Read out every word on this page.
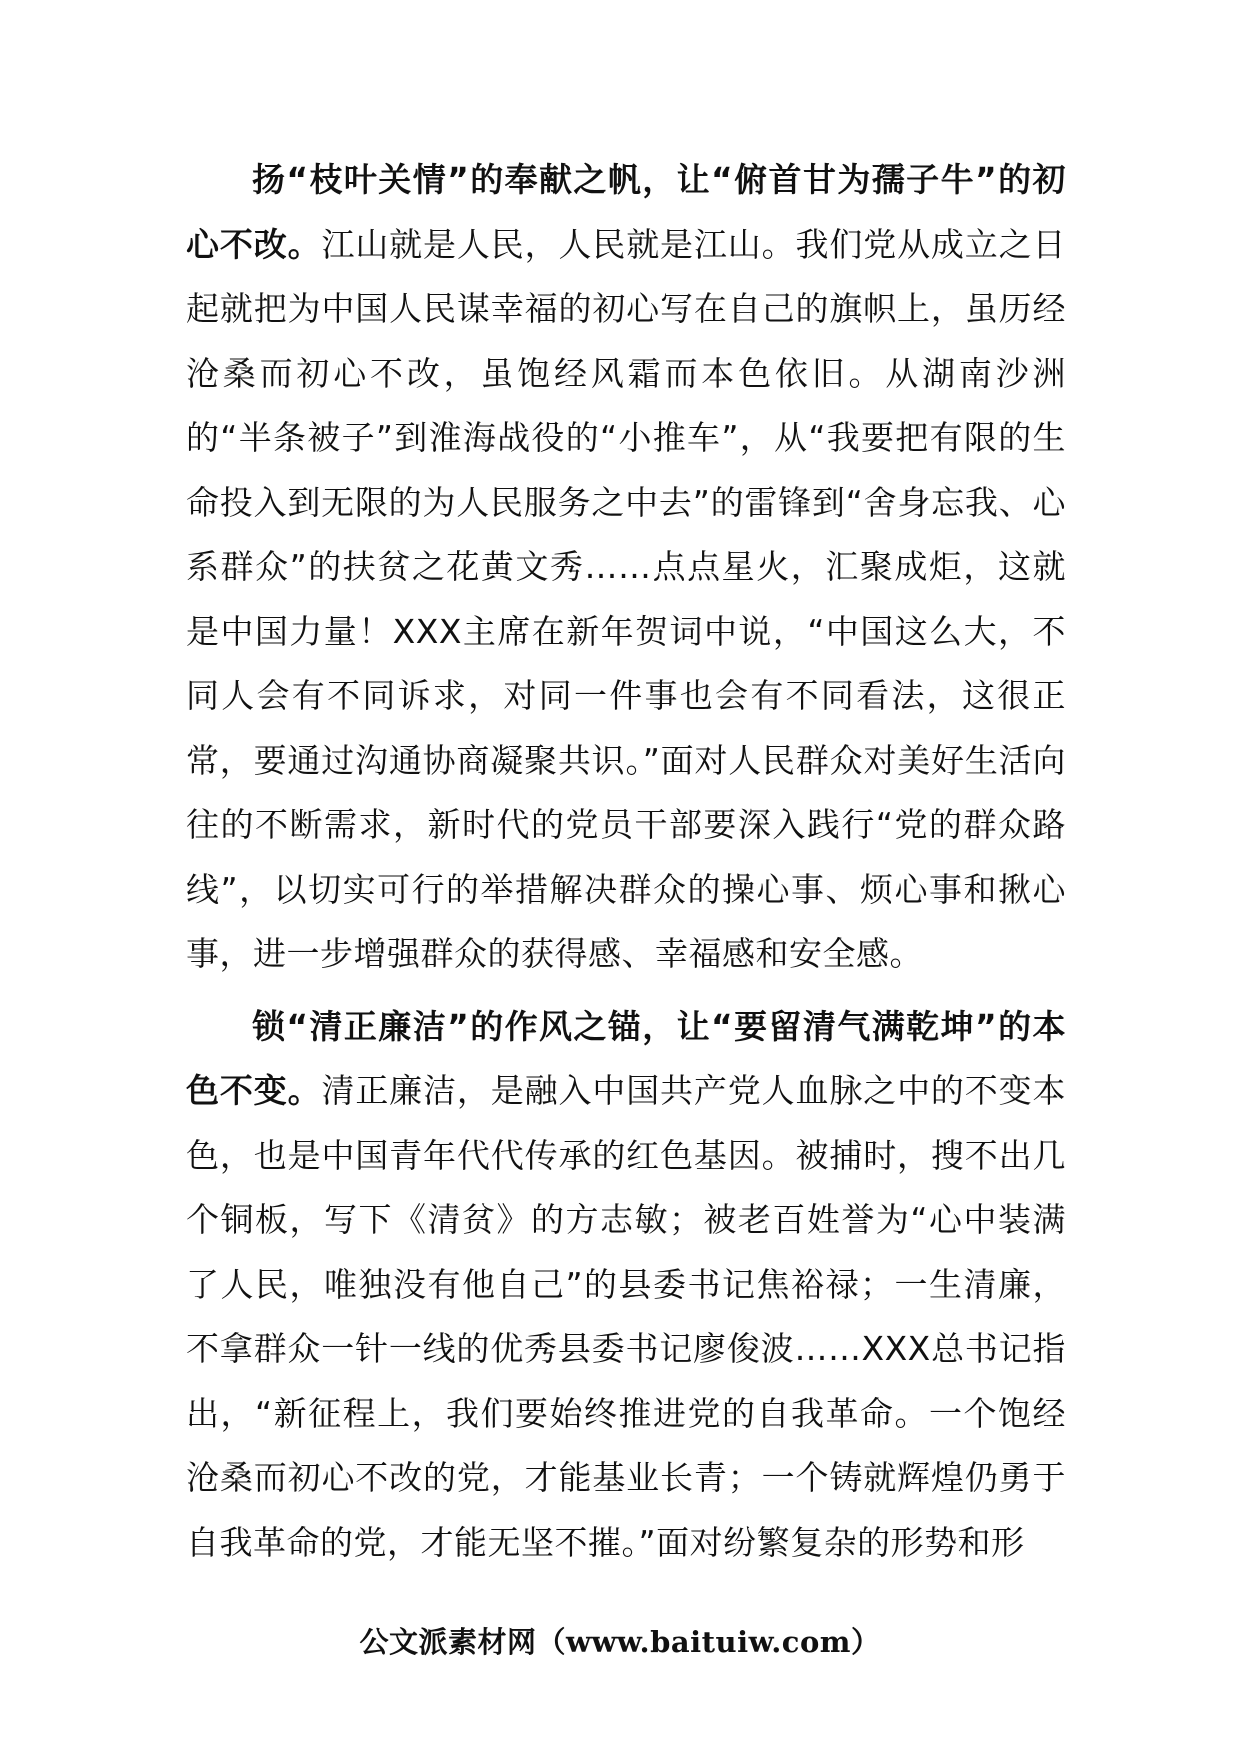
扬“枝叶关情”的奉献之帆，让“俯首甘为孺子牛”的初心不改。江山就是人民，人民就是江山。我们党从成立之日起就把为中国人民谋幸福的初心写在自己的旗帜上，虽历经沧桑而初心不改，虽饱经风霜而本色依旧。从湖南沙洲的“半条被子”到淮海战役的“小推车”，从“我要把有限的生命投入到无限的为人民服务之中去”的雷锋到“舍身忘我、心系群众”的扶贫之花黄文秀……点点星火，汇聚成炬，这就是中国力量！XXX主席在新年贺词中说，“中国这么大，不同人会有不同诉求，对同一件事也会有不同看法，这很正常，要通过沟通协商凝聚共识。”面对人民群众对美好生活向往的不断需求，新时代的党员干部要深入践行“党的群众路线”，以切实可行的举措解决群众的操心事、烦心事和揪心事，进一步增强群众的获得感、幸福感和安全感。

锁“清正廉洁”的作风之锚，让“要留清气满乾坤”的本色不变。清正廉洁，是融入中国共产党人血脉之中的不变本色，也是中国青年代代传承的红色基因。被捕时，搜不出几个铜板，写下《清贫》的方志敏；被老百姓誉为“心中装满了人民，唯独没有他自己”的县委书记焦裕禄；一生清廉，不拿群众一针一线的优秀县委书记廖俊波……XXX总书记指出，“新征程上，我们要始终推进党的自我革命。一个饱经沧桑而初心不改的党，才能基业长青；一个铸就辉煌仍勇于自我革命的党，才能无坚不摧。”面对纷繁复杂的形势和形

公文派素材网（www.baituiw.com）
